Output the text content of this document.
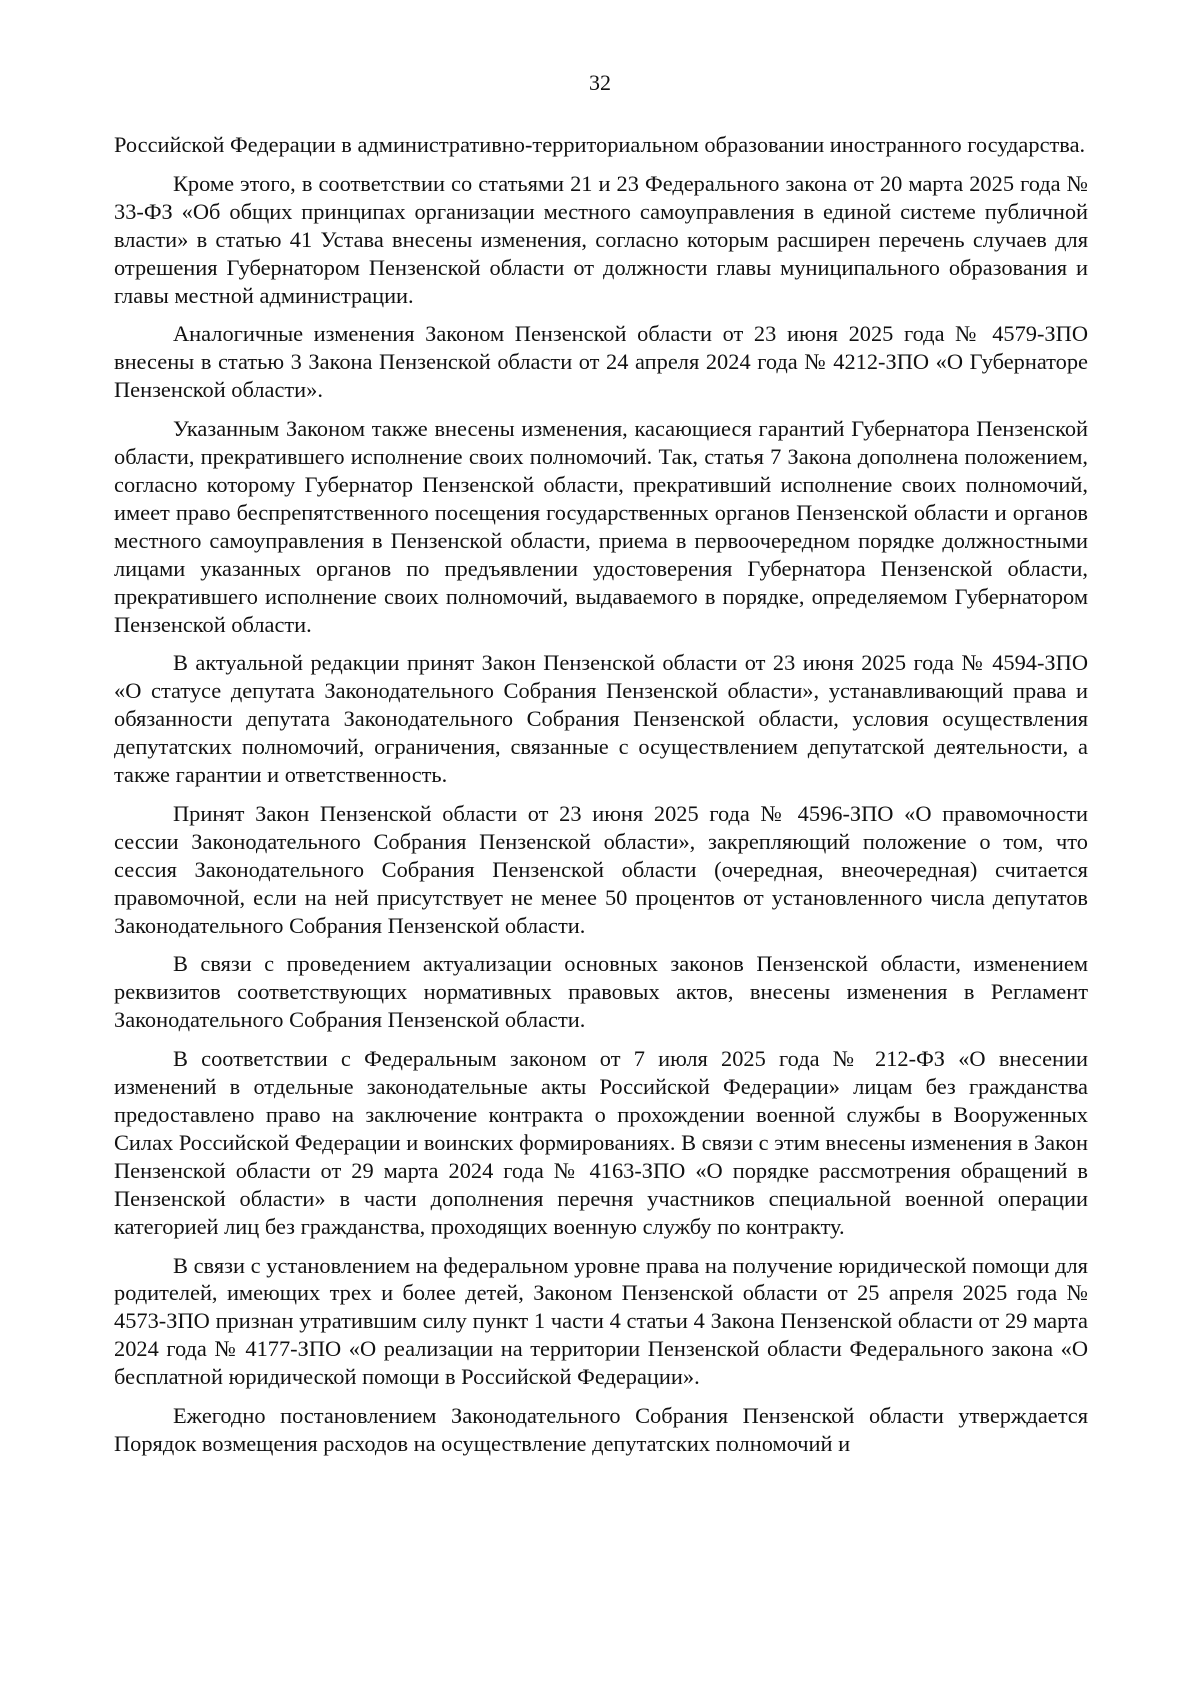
32

Российской Федерации в административно-территориальном образовании иностранного государства.

Кроме этого, в соответствии со статьями 21 и 23 Федерального закона от 20 марта 2025 года № 33-ФЗ «Об общих принципах организации местного самоуправления в единой системе публичной власти» в статью 41 Устава внесены изменения, согласно которым расширен перечень случаев для отрешения Губернатором Пензенской области от должности главы муниципального образования и главы местной администрации.

Аналогичные изменения Законом Пензенской области от 23 июня 2025 года № 4579-ЗПО внесены в статью 3 Закона Пензенской области от 24 апреля 2024 года № 4212-ЗПО «О Губернаторе Пензенской области».

Указанным Законом также внесены изменения, касающиеся гарантий Губернатора Пензенской области, прекратившего исполнение своих полномочий. Так, статья 7 Закона дополнена положением, согласно которому Губернатор Пензенской области, прекративший исполнение своих полномочий, имеет право беспрепятственного посещения государственных органов Пензенской области и органов местного самоуправления в Пензенской области, приема в первоочередном порядке должностными лицами указанных органов по предъявлении удостоверения Губернатора Пензенской области, прекратившего исполнение своих полномочий, выдаваемого в порядке, определяемом Губернатором Пензенской области.

В актуальной редакции принят Закон Пензенской области от 23 июня 2025 года № 4594-ЗПО «О статусе депутата Законодательного Собрания Пензенской области», устанавливающий права и обязанности депутата Законодательного Собрания Пензенской области, условия осуществления депутатских полномочий, ограничения, связанные с осуществлением депутатской деятельности, а также гарантии и ответственность.

Принят Закон Пензенской области от 23 июня 2025 года № 4596-ЗПО «О правомочности сессии Законодательного Собрания Пензенской области», закрепляющий положение о том, что сессия Законодательного Собрания Пензенской области (очередная, внеочередная) считается правомочной, если на ней присутствует не менее 50 процентов от установленного числа депутатов Законодательного Собрания Пензенской области.

В связи с проведением актуализации основных законов Пензенской области, изменением реквизитов соответствующих нормативных правовых актов, внесены изменения в Регламент Законодательного Собрания Пензенской области.

В соответствии с Федеральным законом от 7 июля 2025 года № 212-ФЗ «О внесении изменений в отдельные законодательные акты Российской Федерации» лицам без гражданства предоставлено право на заключение контракта о прохождении военной службы в Вооруженных Силах Российской Федерации и воинских формированиях. В связи с этим внесены изменения в Закон Пензенской области от 29 марта 2024 года № 4163-ЗПО «О порядке рассмотрения обращений в Пензенской области» в части дополнения перечня участников специальной военной операции категорией лиц без гражданства, проходящих военную службу по контракту.

В связи с установлением на федеральном уровне права на получение юридической помощи для родителей, имеющих трех и более детей, Законом Пензенской области от 25 апреля 2025 года № 4573-ЗПО признан утратившим силу пункт 1 части 4 статьи 4 Закона Пензенской области от 29 марта 2024 года № 4177-ЗПО «О реализации на территории Пензенской области Федерального закона «О бесплатной юридической помощи в Российской Федерации».

Ежегодно постановлением Законодательного Собрания Пензенской области утверждается Порядок возмещения расходов на осуществление депутатских полномочий и
